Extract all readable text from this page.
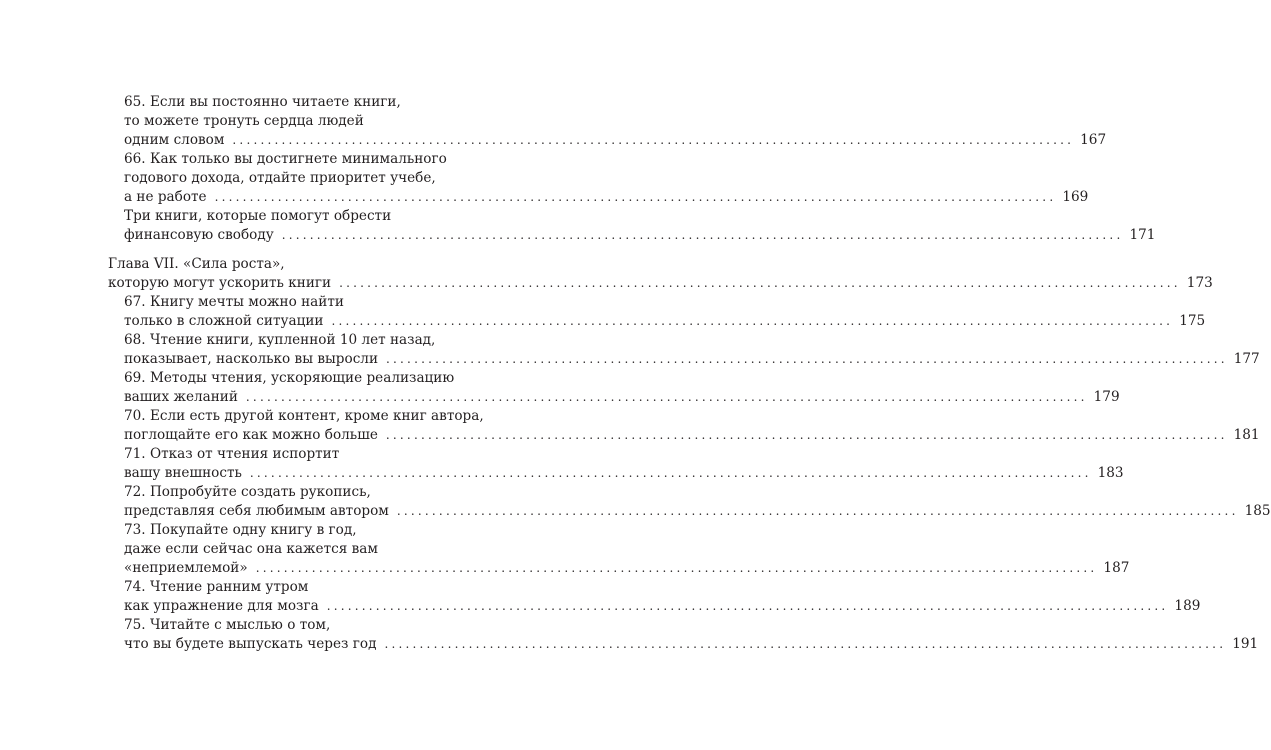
65. Если вы постоянно читаете книги,
то можете тронуть сердца людей
одним словом ........................................................................................................................ 167
66. Как только вы достигнете минимального
годового дохода, отдайте приоритет учебе,
а не работе ........................................................................................................................ 169
Три книги, которые помогут обрести
финансовую свободу ........................................................................................................................ 171
Глава VII. «Сила роста»,
которую могут ускорить книги ........................................................................................................................ 173
67. Книгу мечты можно найти
только в сложной ситуации ........................................................................................................................ 175
68. Чтение книги, купленной 10 лет назад,
показывает, насколько вы выросли ........................................................................................................................ 177
69. Методы чтения, ускоряющие реализацию
ваших желаний ........................................................................................................................ 179
70. Если есть другой контент, кроме книг автора,
поглощайте его как можно больше ........................................................................................................................ 181
71. Отказ от чтения испортит
вашу внешность ........................................................................................................................ 183
72. Попробуйте создать рукопись,
представляя себя любимым автором ........................................................................................................................ 185
73. Покупайте одну книгу в год,
даже если сейчас она кажется вам
«неприемлемой» ........................................................................................................................ 187
74. Чтение ранним утром
как упражнение для мозга ........................................................................................................................ 189
75. Читайте с мыслью о том,
что вы будете выпускать через год ........................................................................................................................ 191
